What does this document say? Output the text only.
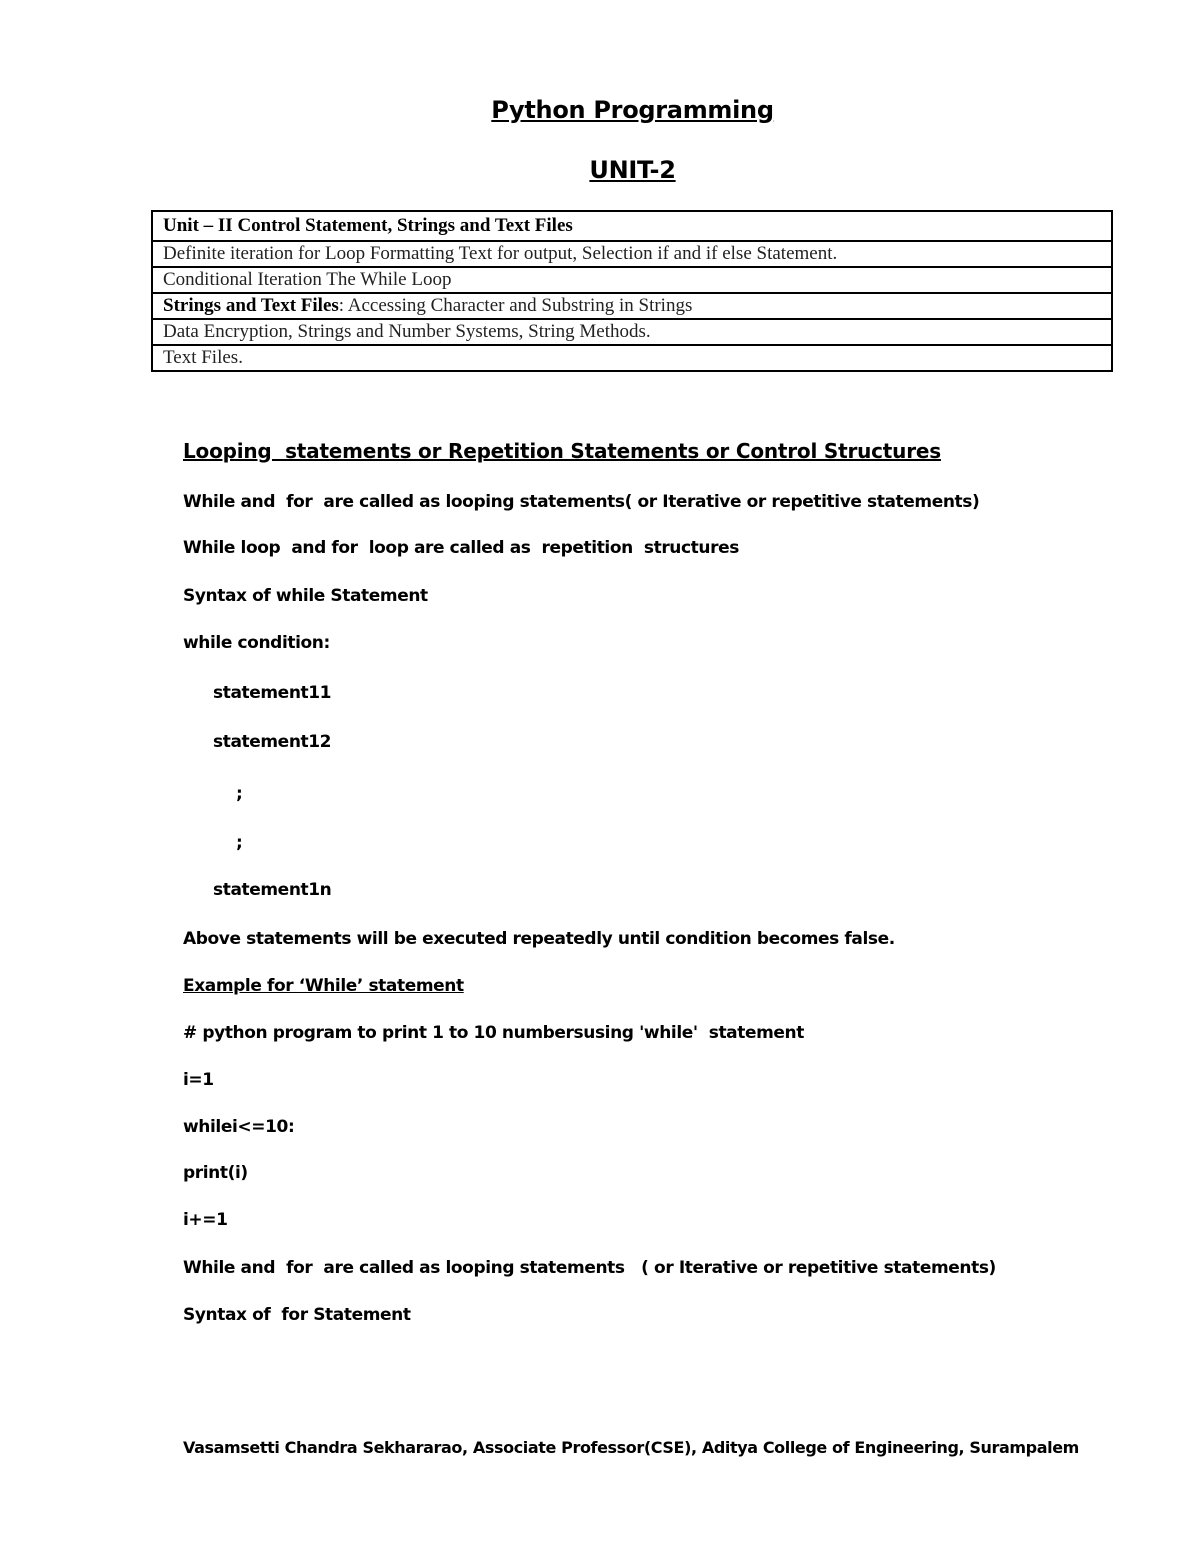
Python Programming
UNIT-2
Unit – II Control Statement, Strings and Text Files
Definite iteration for Loop Formatting Text for output, Selection if and if else Statement.
Conditional Iteration The While Loop
Strings and Text Files: Accessing Character and Substring in Strings
Data Encryption, Strings and Number Systems, String Methods.
Text Files.
Looping  statements or Repetition Statements or Control Structures
While and  for  are called as looping statements( or Iterative or repetitive statements)
While loop  and for  loop are called as  repetition  structures
Syntax of while Statement
while condition:
statement11
statement12
;
;
statement1n
Above statements will be executed repeatedly until condition becomes false.
Example for ‘While’ statement
# python program to print 1 to 10 numbersusing 'while'  statement
i=1
whilei<=10:
print(i)
i+=1
While and  for  are called as looping statements   ( or Iterative or repetitive statements)
Syntax of  for Statement
Vasamsetti Chandra Sekhararao, Associate Professor(CSE), Aditya College of Engineering, Surampalem
